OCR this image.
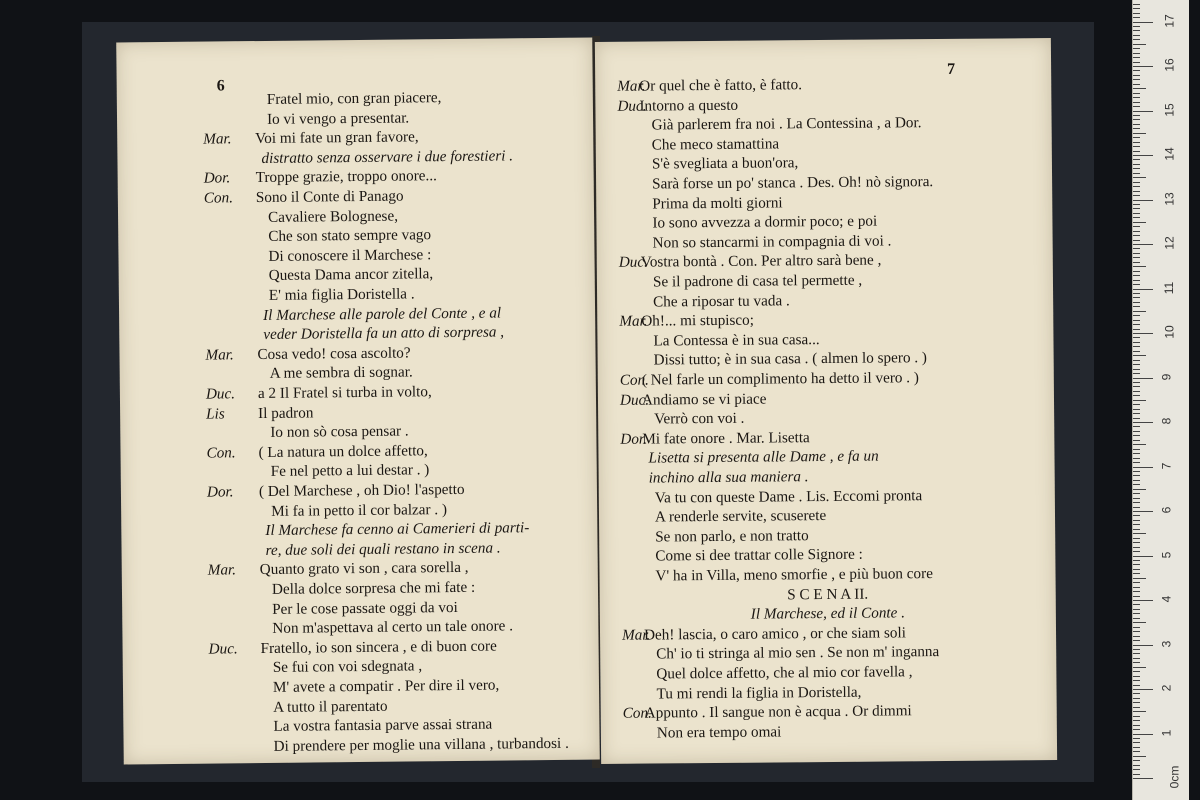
6
Fratel mio, con gran piacere,
Io vi vengo a presentar.
Mar. Voi mi fate un gran favore,
distratto senza osservare i due forestieri .
Dor. Troppe grazie, troppo onore...
Con. Sono il Conte di Panago
Cavaliere Bolognese,
Che son stato sempre vago
Di conoscere il Marchese :
Questa Dama ancor zitella,
E' mia figlia Doristella .
Il Marchese alle parole del Conte , e al
veder Doristella fa un atto di sorpresa ,
Mar. Cosa vedo! cosa ascolto?
A me sembra di sognar.
Duc. a 2 Il Fratel si turba in volto,
Lis Il padron
Io non sò cosa pensar .
Con. ( La natura un dolce affetto,
Fe nel petto a lui destar . )
Dor. ( Del Marchese , oh Dio! l'aspetto
Mi fa in petto il cor balzar . )
Il Marchese fa cenno ai Camerieri di parti-
re, due soli dei quali restano in scena .
Mar. Quanto grato vi son , cara sorella ,
Della dolce sorpresa che mi fate :
Per le cose passate oggi da voi
Non m'aspettava al certo un tale onore .
Duc. Fratello, io son sincera , e di buon core
Se fui con voi sdegnata ,
M' avete a compatir . Per dire il vero,
A tutto il parentato
La vostra fantasia parve assai strana
Di prendere per moglie una villana , turbandosi .
7
Mar.
Or quel che è fatto, è fatto.
Duc.
Intorno a questo
Già parlerem fra noi . La Contessina , a Dor.
Che meco stamattina
S'è svegliata a buon'ora,
Sarà forse un po' stanca . Des. Oh! nò signora.
Prima da molti giorni
Io sono avvezza a dormir poco; e poi
Non so stancarmi in compagnia di voi .
Duc.
Vostra bontà . Con. Per altro sarà bene ,
Se il padrone di casa tel permette ,
Che a riposar tu vada .
Mar.
Oh!... mi stupisco;
La Contessa è in sua casa...
Dissi tutto; è in sua casa . ( almen lo spero . )
Con.
( Nel farle un complimento ha detto il vero . )
Duc.
Andiamo se vi piace
Verrò con voi .
Dor.
Mi fate onore . Mar. Lisetta
Lisetta si presenta alle Dame , e fa un
inchino alla sua maniera .
Va tu con queste Dame . Lis. Eccomi pronta
A renderle servite, scuserete
Se non parlo, e non tratto
Come si dee trattar colle Signore :
V' ha in Villa, meno smorfie , e più buon core
S C E N A II.
Il Marchese, ed il Conte .
Mar.
Deh! lascia, o caro amico , or che siam soli
Ch' io ti stringa al mio sen . Se non m' inganna
Quel dolce affetto, che al mio cor favella ,
Tu mi rendi la figlia in Doristella,
Con.
Appunto . Il sangue non è acqua . Or dimmi
Non era tempo omai
0cm
1
2
3
4
5
6
7
8
9
10
11
12
13
14
15
16
17
